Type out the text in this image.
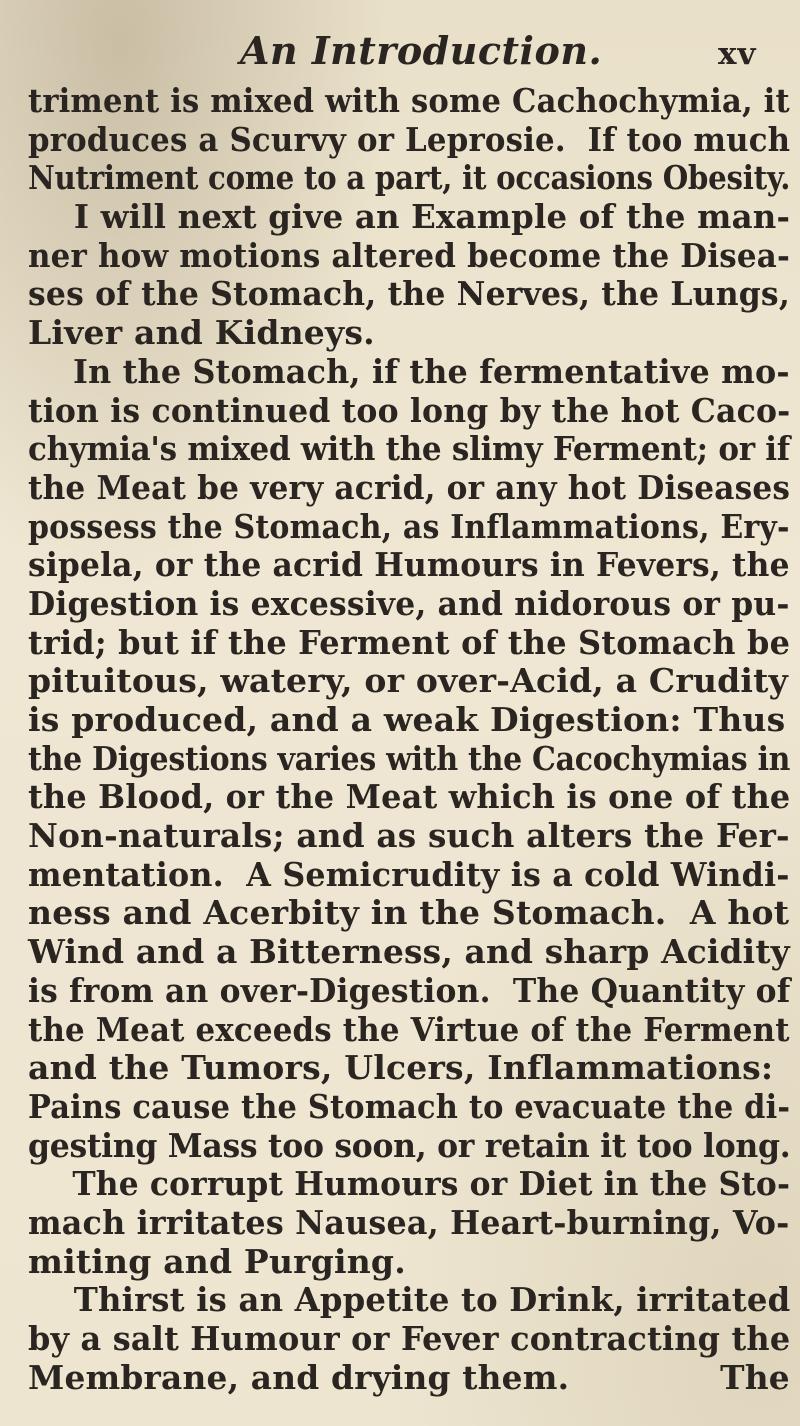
An Introduction.	xv
triment is mixed with some Cachochymia, it
produces a Scurvy or Leprosie.  If too much
Nutriment come to a part, it occasions Obesity.
I will next give an Example of the man-
ner how motions altered become the Disea-
ses of the Stomach, the Nerves, the Lungs,
Liver and Kidneys.
In the Stomach, if the fermentative mo-
tion is continued too long by the hot Caco-
chymia's mixed with the slimy Ferment; or if
the Meat be very acrid, or any hot Diseases
possess the Stomach, as Inflammations, Ery-
sipela, or the acrid Humours in Fevers, the
Digestion is excessive, and nidorous or pu-
trid; but if the Ferment of the Stomach be
pituitous, watery, or over-Acid, a Crudity
is produced, and a weak Digestion: Thus
the Digestions varies with the Cacochymias in
the Blood, or the Meat which is one of the
Non-naturals; and as such alters the Fer-
mentation.  A Semicrudity is a cold Windi-
ness and Acerbity in the Stomach.  A hot
Wind and a Bitterness, and sharp Acidity
is from an over-Digestion.  The Quantity of
the Meat exceeds the Virtue of the Ferment
and the Tumors, Ulcers, Inflammations:
Pains cause the Stomach to evacuate the di-
gesting Mass too soon, or retain it too long.
The corrupt Humours or Diet in the Sto-
mach irritates Nausea, Heart-burning, Vo-
miting and Purging.
Thirst is an Appetite to Drink, irritated
by a salt Humour or Fever contracting the
Membrane, and drying them.             The
